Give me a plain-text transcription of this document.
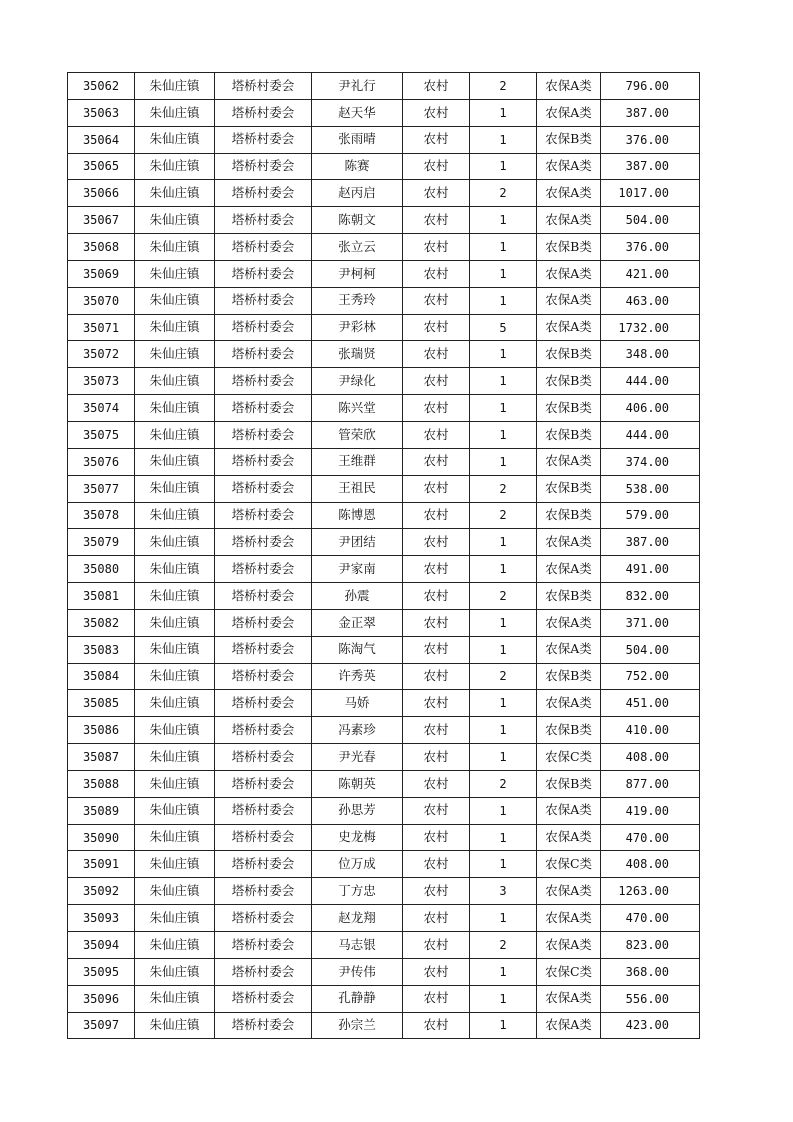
35062	朱仙庄镇	塔桥村委会	尹礼行	农村	2	农保A类	796.00
35063	朱仙庄镇	塔桥村委会	赵天华	农村	1	农保A类	387.00
35064	朱仙庄镇	塔桥村委会	张雨晴	农村	1	农保B类	376.00
35065	朱仙庄镇	塔桥村委会	陈赛	农村	1	农保A类	387.00
35066	朱仙庄镇	塔桥村委会	赵丙启	农村	2	农保A类	1017.00
35067	朱仙庄镇	塔桥村委会	陈朝文	农村	1	农保A类	504.00
35068	朱仙庄镇	塔桥村委会	张立云	农村	1	农保B类	376.00
35069	朱仙庄镇	塔桥村委会	尹柯柯	农村	1	农保A类	421.00
35070	朱仙庄镇	塔桥村委会	王秀玲	农村	1	农保A类	463.00
35071	朱仙庄镇	塔桥村委会	尹彩林	农村	5	农保A类	1732.00
35072	朱仙庄镇	塔桥村委会	张瑞贤	农村	1	农保B类	348.00
35073	朱仙庄镇	塔桥村委会	尹绿化	农村	1	农保B类	444.00
35074	朱仙庄镇	塔桥村委会	陈兴堂	农村	1	农保B类	406.00
35075	朱仙庄镇	塔桥村委会	管荣欣	农村	1	农保B类	444.00
35076	朱仙庄镇	塔桥村委会	王维群	农村	1	农保A类	374.00
35077	朱仙庄镇	塔桥村委会	王祖民	农村	2	农保B类	538.00
35078	朱仙庄镇	塔桥村委会	陈博恩	农村	2	农保B类	579.00
35079	朱仙庄镇	塔桥村委会	尹团结	农村	1	农保A类	387.00
35080	朱仙庄镇	塔桥村委会	尹家南	农村	1	农保A类	491.00
35081	朱仙庄镇	塔桥村委会	孙震	农村	2	农保B类	832.00
35082	朱仙庄镇	塔桥村委会	金正翠	农村	1	农保A类	371.00
35083	朱仙庄镇	塔桥村委会	陈淘气	农村	1	农保A类	504.00
35084	朱仙庄镇	塔桥村委会	许秀英	农村	2	农保B类	752.00
35085	朱仙庄镇	塔桥村委会	马娇	农村	1	农保A类	451.00
35086	朱仙庄镇	塔桥村委会	冯素珍	农村	1	农保B类	410.00
35087	朱仙庄镇	塔桥村委会	尹光春	农村	1	农保C类	408.00
35088	朱仙庄镇	塔桥村委会	陈朝英	农村	2	农保B类	877.00
35089	朱仙庄镇	塔桥村委会	孙思芳	农村	1	农保A类	419.00
35090	朱仙庄镇	塔桥村委会	史龙梅	农村	1	农保A类	470.00
35091	朱仙庄镇	塔桥村委会	位万成	农村	1	农保C类	408.00
35092	朱仙庄镇	塔桥村委会	丁方忠	农村	3	农保A类	1263.00
35093	朱仙庄镇	塔桥村委会	赵龙翔	农村	1	农保A类	470.00
35094	朱仙庄镇	塔桥村委会	马志银	农村	2	农保A类	823.00
35095	朱仙庄镇	塔桥村委会	尹传伟	农村	1	农保C类	368.00
35096	朱仙庄镇	塔桥村委会	孔静静	农村	1	农保A类	556.00
35097	朱仙庄镇	塔桥村委会	孙宗兰	农村	1	农保A类	423.00
